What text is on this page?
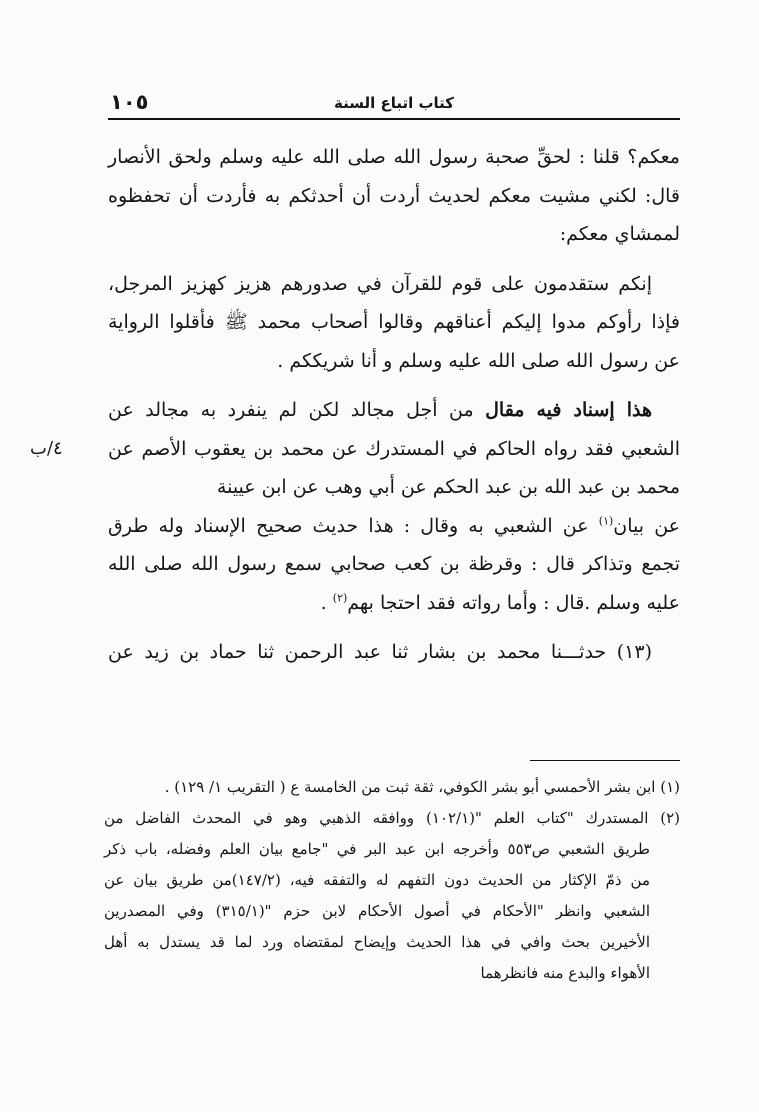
كتاب اتباع السنة
١٠٥
٤/ب
معكم؟ قلنا : لحقِّ صحبة رسول الله صلى الله عليه وسلم ولحق الأنصار
قال: لكني مشيت معكم لحديث أردت أن أحدثكم به فأردت أن تحفظوه
لممشاي معكم:
إنكم ستقدمون على قوم للقرآن في صدورهم هزيز كهزيز المرجل،
فإذا رأوكم مدوا إليكم أعناقهم وقالوا أصحاب محمد ﷺ فأقلوا الرواية
عن رسول الله صلى الله عليه وسلم و أنا شريككم .
هذا إسناد فيه مقال من أجل مجالد لكن لم ينفرد به مجالد عن
الشعبي فقد رواه الحاكم في المستدرك عن محمد بن يعقوب الأصم عن
محمد بن عبد الله بن عبد الحكم عن أبي وهب عن ابن عيينة
عن بيان$^{(١)}$ عن الشعبي به وقال : هذا حديث صحيح الإسناد وله طرق
تجمع وتذاكر قال : وقرظة بن كعب صحابي سمع رسول الله صلى الله
عليه وسلم .قال : وأما رواته فقد احتجا بهم$^{(٢)}$ .
(١٣) حدثـــنا محمد بن بشار ثنا عبد الرحمن ثنا حماد بن زيد عن
(١) ابن بشر الأحمسي أبو بشر الكوفي، ثقة ثبت من الخامسة ع ( التقريب ١/ ١٢٩) .
(٢) المستدرك "كتاب العلم "(١٠٢/١) ووافقه الذهبي وهو في المحدث الفاضل من
طريق الشعبي ص٥٥٣ وأخرجه ابن عبد البر في "جامع بيان العلم وفضله، باب ذكر
من ذمّ الإكثار من الحديث دون التفهم له والتفقه فيه، (١٤٧/٢)من طريق بيان عن
الشعبي وانظر "الأحكام في أصول الأحكام لابن حزم "(٣١٥/١) وفي المصدرين
الأخيرين بحث وافي في هذا الحديث وإيضاح لمقتضاه ورد لما قد يستدل به أهل
الأهواء والبدع منه فانظرهما
